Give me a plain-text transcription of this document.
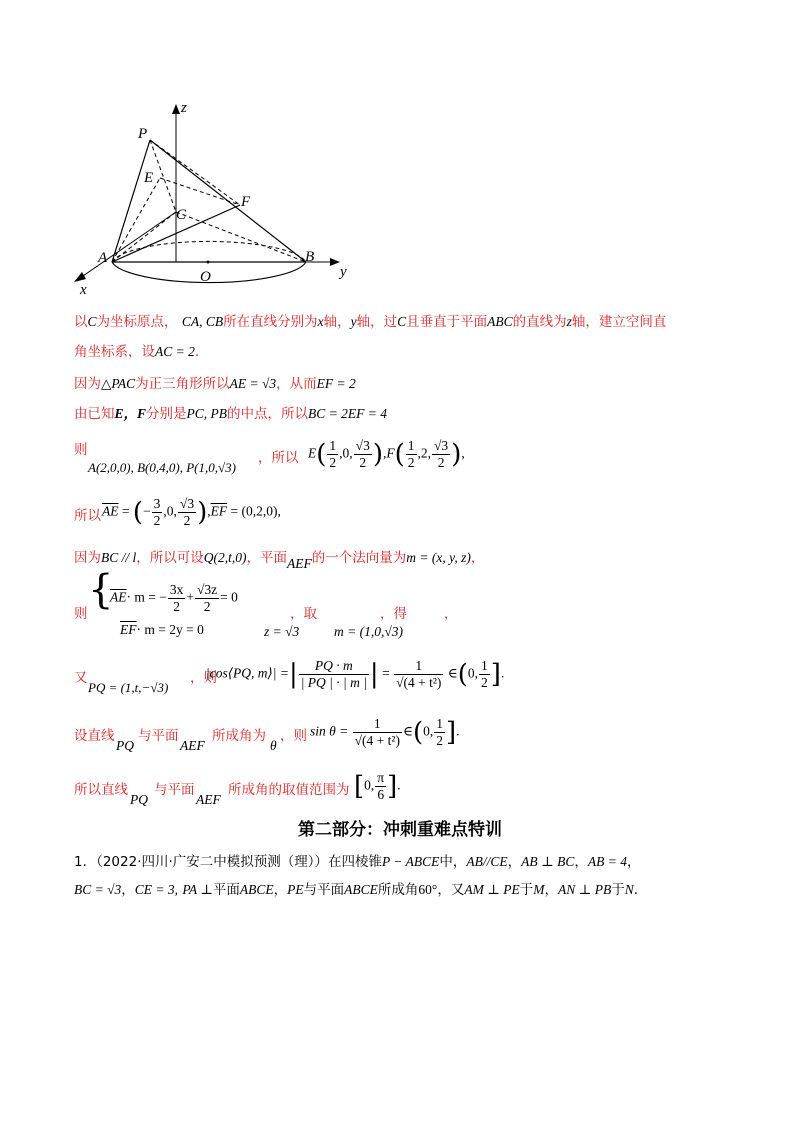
z
P
E
F
C
A
O
B
y
x
以C为坐标原点， CA, CB所在直线分别为x轴，y轴，过C且垂直于平面ABC的直线为z轴，建立空间直
角坐标系，设AC = 2.
因为△PAC为正三角形所以AE = √3，从而EF = 2
由已知E，F分别是PC, PB的中点，所以BC = 2EF = 4
则
A(2,0,0), B(0,4,0), P(1,0,√3)
，所以 $E( \frac{1}{2} ,0$, $\frac{√3}{2} ),F( \frac{1}{2} ,2$, $\frac{√3}{2}$ ),
所以 $\overline{AE}$ = (− $\frac{3}{2} ,0$, $\frac{√3}{2} ),\overline{EF} = (0,2,0)$,
因为BC // l，所以可设Q(2,t,0)，平面AEF的一个法向量为m = (x, y, z)，
则
{
$\overline{AE}\cdot m$ = − $\frac{3x}{2} + \frac{√3z}{2} = 0$
$\overline{EF}\cdot m = 2y = 0$
，取
z = √3
，得
m = (1,0,√3)
，
又
PQ = (1,t,−√3)
，则
|cos⟨PQ, m⟩| =| $\frac{PQ \cdot m}{| PQ | \cdot | m |}$ | = $\frac{1}{\text{√(4 + t²)}}$ ∈(0, $\frac{1}{2}$ ].
设直线
PQ
与平面
AEF
所成角为
θ
，则 $\sin \theta = \frac{1}{\text{√(4 + t²)}}$ ∈(0, $\frac{1}{2}$ ].
所以直线
PQ
与平面
AEF
所成角的取值范围为 [0, $\frac{\pi}{6}$ ].
第二部分：冲刺重难点特训
1．（2022·四川·广安二中模拟预测（理））在四棱锥P − ABCE中，AB//CE，AB ⊥ BC，AB = 4，
BC = √3，CE = 3, PA ⊥平面ABCE，PE与平面ABCE所成角60°，又AM ⊥ PE于M，AN ⊥ PB于N.
